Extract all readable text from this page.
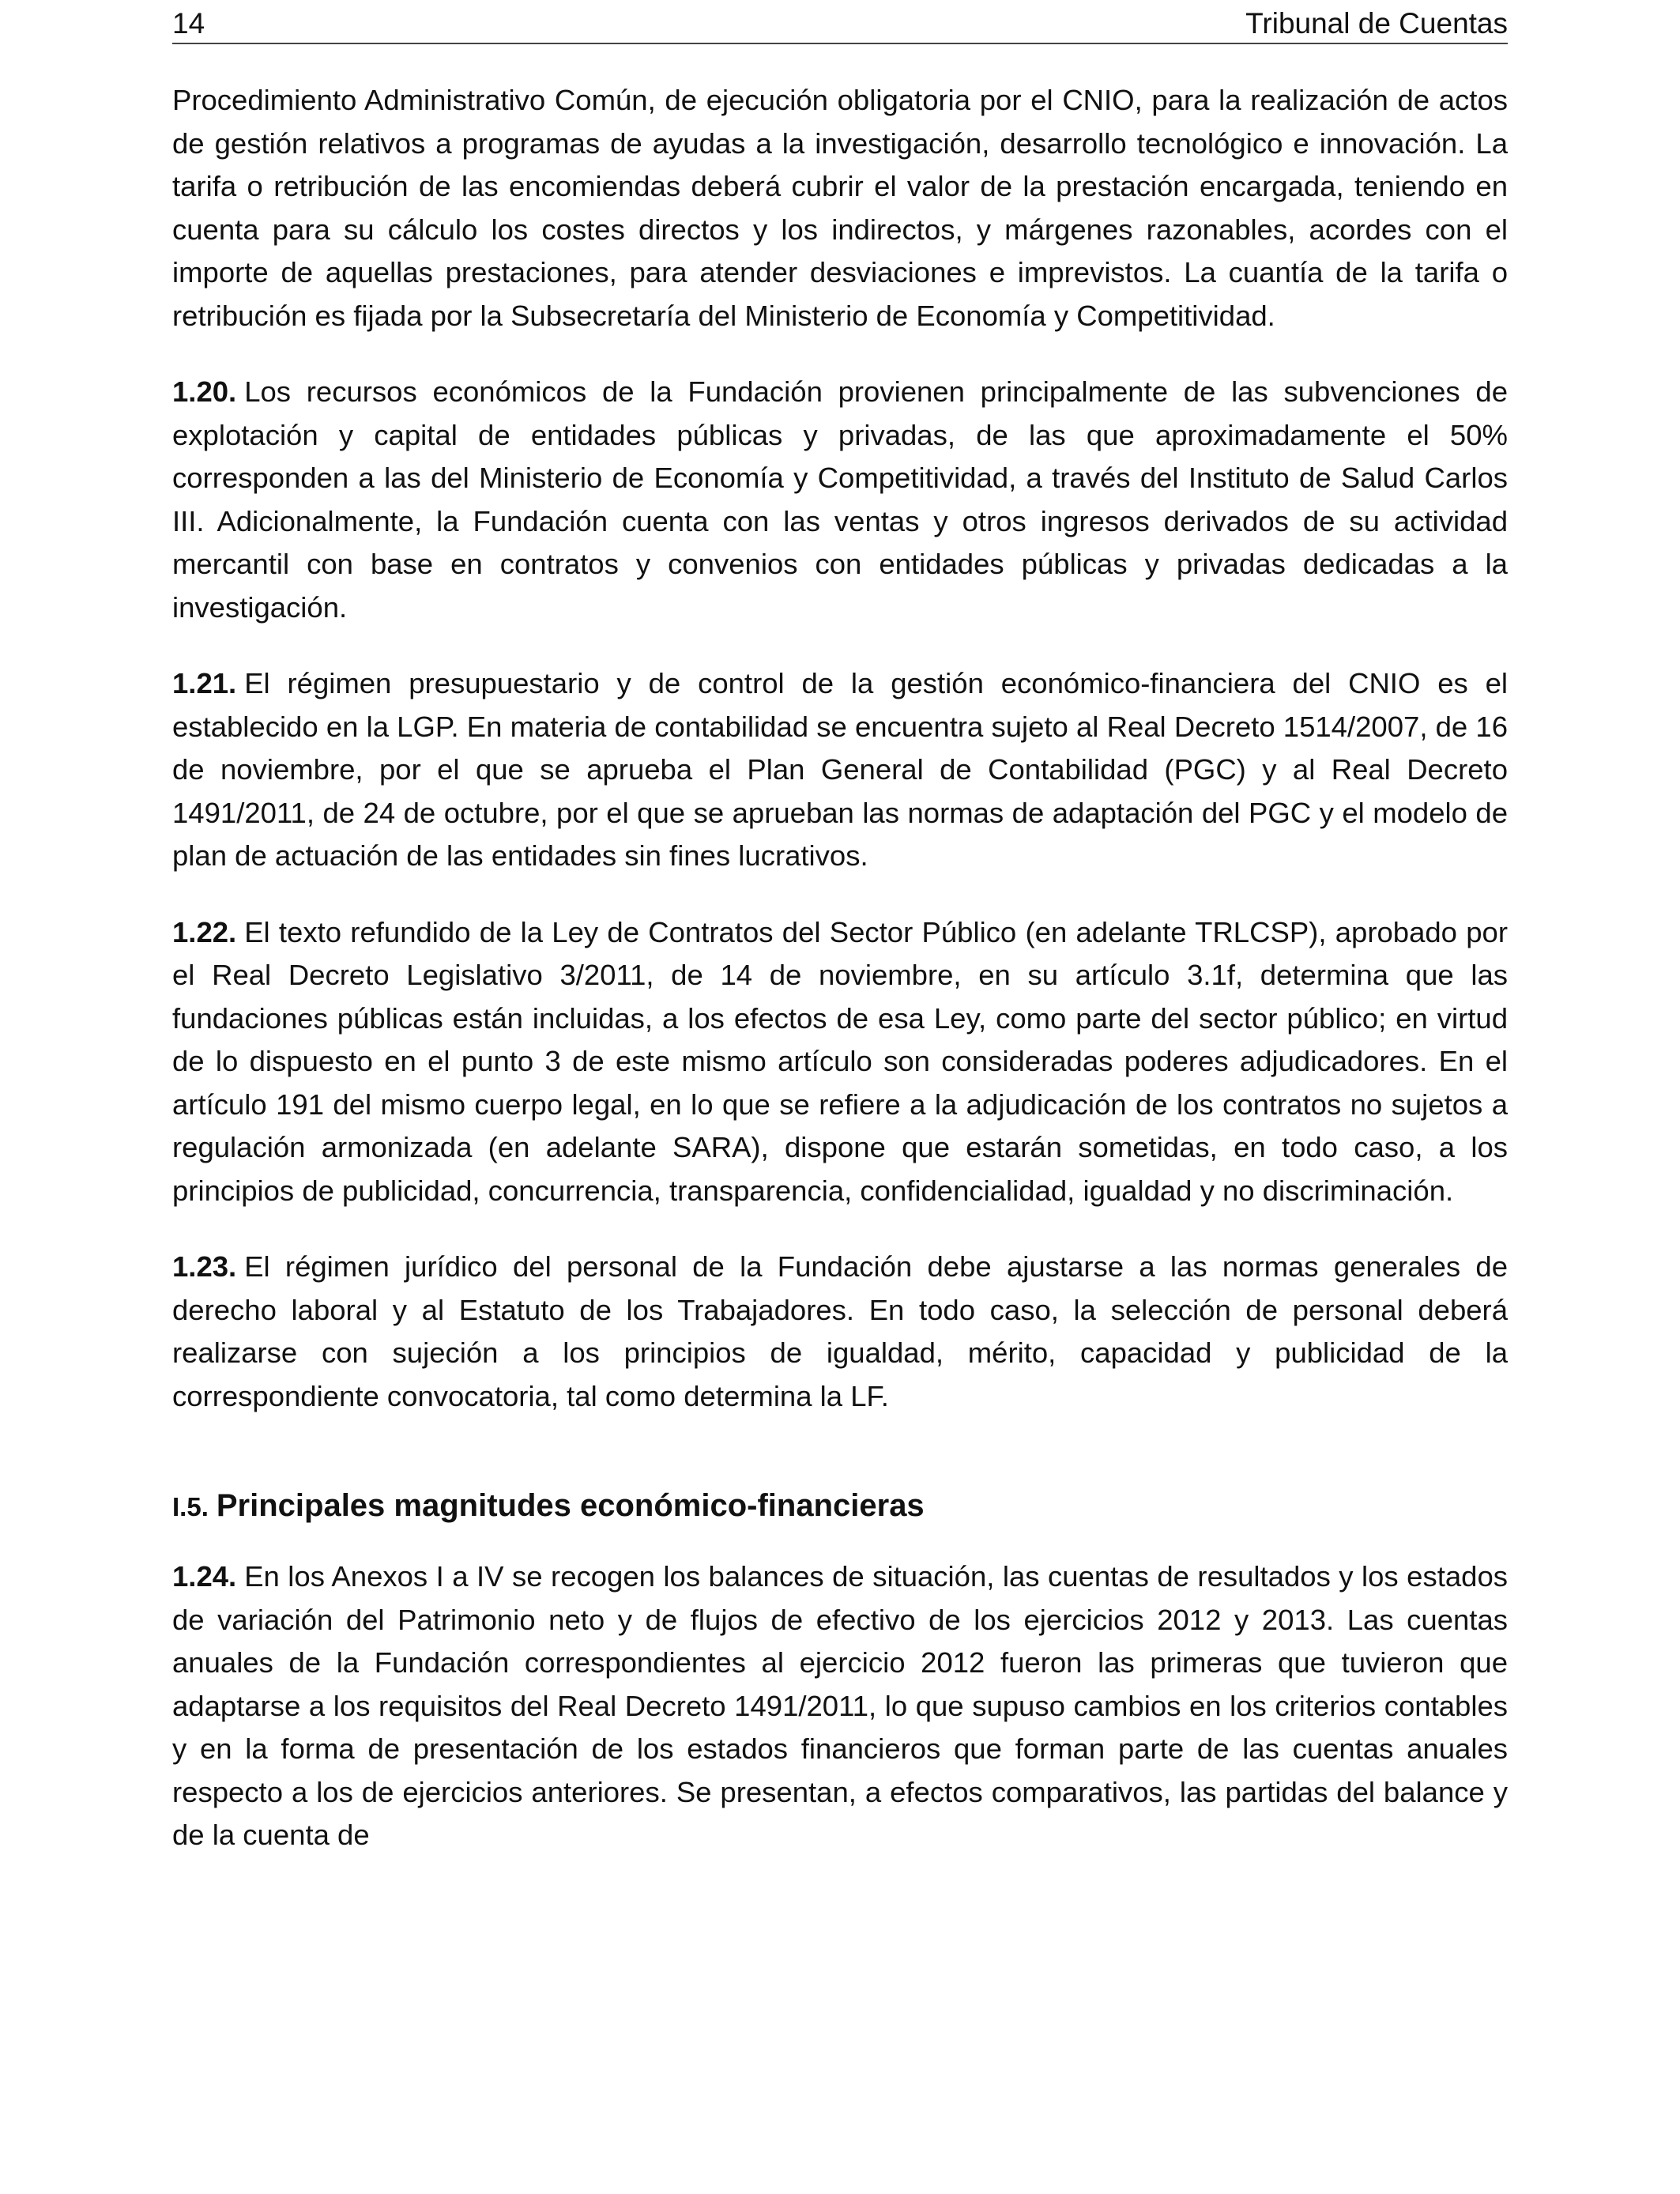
14	Tribunal de Cuentas

Procedimiento Administrativo Común, de ejecución obligatoria por el CNIO, para la realización de actos de gestión relativos a programas de ayudas a la investigación, desarrollo tecnológico e innovación. La tarifa o retribución de las encomiendas deberá cubrir el valor de la prestación encargada, teniendo en cuenta para su cálculo los costes directos y los indirectos, y márgenes razonables, acordes con el importe de aquellas prestaciones, para atender desviaciones e imprevistos. La cuantía de la tarifa o retribución es fijada por la Subsecretaría del Ministerio de Economía y Competitividad.

1.20. Los recursos económicos de la Fundación provienen principalmente de las subvenciones de explotación y capital de entidades públicas y privadas, de las que aproximadamente el 50% corresponden a las del Ministerio de Economía y Competitividad, a través del Instituto de Salud Carlos III. Adicionalmente, la Fundación cuenta con las ventas y otros ingresos derivados de su actividad mercantil con base en contratos y convenios con entidades públicas y privadas dedicadas a la investigación.

1.21. El régimen presupuestario y de control de la gestión económico-financiera del CNIO es el establecido en la LGP. En materia de contabilidad se encuentra sujeto al Real Decreto 1514/2007, de 16 de noviembre, por el que se aprueba el Plan General de Contabilidad (PGC) y al Real Decreto 1491/2011, de 24 de octubre, por el que se aprueban las normas de adaptación del PGC y el modelo de plan de actuación de las entidades sin fines lucrativos.

1.22. El texto refundido de la Ley de Contratos del Sector Público (en adelante TRLCSP), aprobado por el Real Decreto Legislativo 3/2011, de 14 de noviembre, en su artículo 3.1f, determina que las fundaciones públicas están incluidas, a los efectos de esa Ley, como parte del sector público; en virtud de lo dispuesto en el punto 3 de este mismo artículo son consideradas poderes adjudicadores. En el artículo 191 del mismo cuerpo legal, en lo que se refiere a la adjudicación de los contratos no sujetos a regulación armonizada (en adelante SARA), dispone que estarán sometidas, en todo caso, a los principios de publicidad, concurrencia, transparencia, confidencialidad, igualdad y no discriminación.

1.23. El régimen jurídico del personal de la Fundación debe ajustarse a las normas generales de derecho laboral y al Estatuto de los Trabajadores. En todo caso, la selección de personal deberá realizarse con sujeción a los principios de igualdad, mérito, capacidad y publicidad de la correspondiente convocatoria, tal como determina la LF.

I.5. Principales magnitudes económico-financieras

1.24. En los Anexos I a IV se recogen los balances de situación, las cuentas de resultados y los estados de variación del Patrimonio neto y de flujos de efectivo de los ejercicios 2012 y 2013. Las cuentas anuales de la Fundación correspondientes al ejercicio 2012 fueron las primeras que tuvieron que adaptarse a los requisitos del Real Decreto 1491/2011, lo que supuso cambios en los criterios contables y en la forma de presentación de los estados financieros que forman parte de las cuentas anuales respecto a los de ejercicios anteriores. Se presentan, a efectos comparativos, las partidas del balance y de la cuenta de
